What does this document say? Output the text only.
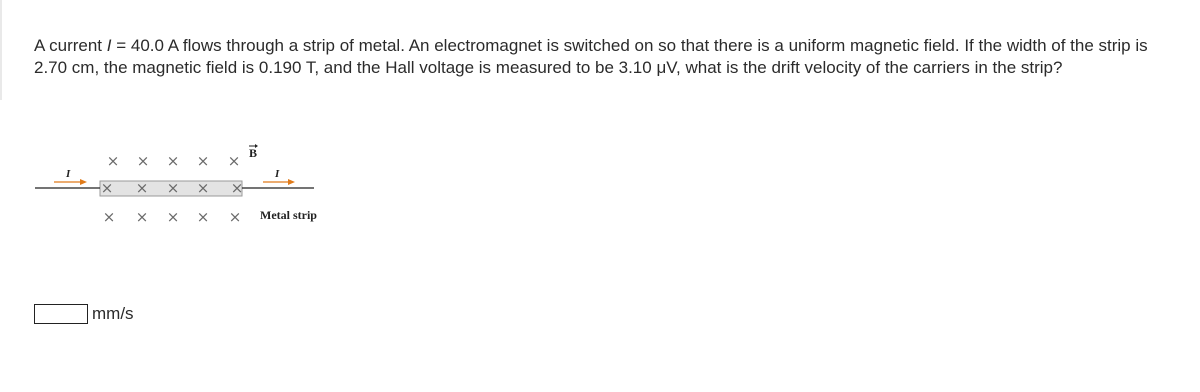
A current I = 40.0 A flows through a strip of metal. An electromagnet is switched on so that there is a uniform magnetic field. If the width of the strip is 2.70 cm, the magnetic field is 0.190 T, and the Hall voltage is measured to be 3.10 μV, what is the drift velocity of the carriers in the strip?

I	I
B
Metal strip
× × × × ×
× × × × ×
× × × × ×
mm/s
